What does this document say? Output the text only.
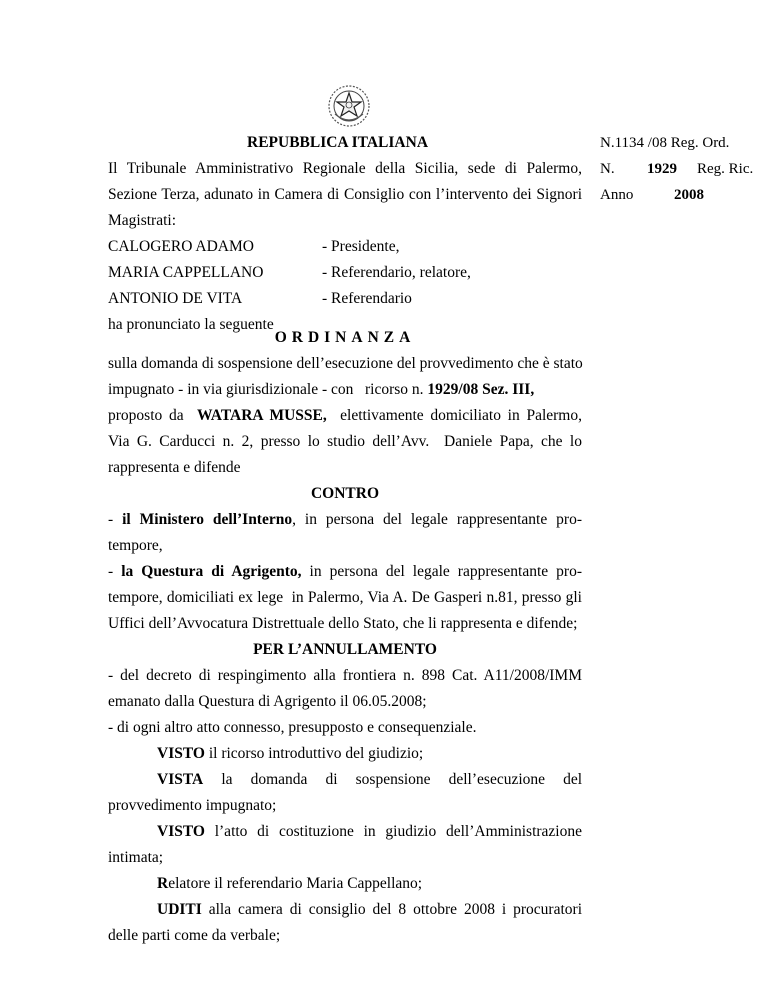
REPUBBLICA ITALIANA	N.1134 /08 Reg. Ord.
N. 1929 Reg. Ric.
Anno	2008
Il Tribunale Amministrativo Regionale della Sicilia, sede di Palermo,
Sezione Terza, adunato in Camera di Consiglio con l’intervento dei Signori
Magistrati:
CALOGERO ADAMO	- Presidente,
MARIA CAPPELLANO	- Referendario, relatore,
ANTONIO DE VITA	- Referendario
ha pronunciato la seguente
ORDINANZA
sulla domanda di sospensione dell’esecuzione del provvedimento che è stato
impugnato - in via giurisdizionale - con   ricorso n. 1929/08 Sez. III,
proposto da  WATARA MUSSE,  elettivamente domiciliato in Palermo,
Via G. Carducci n. 2, presso lo studio dell’Avv.  Daniele Papa, che lo
rappresenta e difende
CONTRO
- il Ministero dell’Interno, in persona del legale rappresentante pro-
tempore,
- la Questura di Agrigento, in persona del legale rappresentante pro-
tempore, domiciliati ex lege  in Palermo, Via A. De Gasperi n.81, presso gli
Uffici dell’Avvocatura Distrettuale dello Stato, che li rappresenta e difende;
PER L’ANNULLAMENTO
- del decreto di respingimento alla frontiera n. 898 Cat. A11/2008/IMM
emanato dalla Questura di Agrigento il 06.05.2008;
- di ogni altro atto connesso, presupposto e consequenziale.
VISTO il ricorso introduttivo del giudizio;
VISTA la domanda di sospensione dell’esecuzione del
provvedimento impugnato;
VISTO l’atto di costituzione in giudizio dell’Amministrazione
intimata;
Relatore il referendario Maria Cappellano;
UDITI alla camera di consiglio del 8 ottobre 2008 i procuratori
delle parti come da verbale;
